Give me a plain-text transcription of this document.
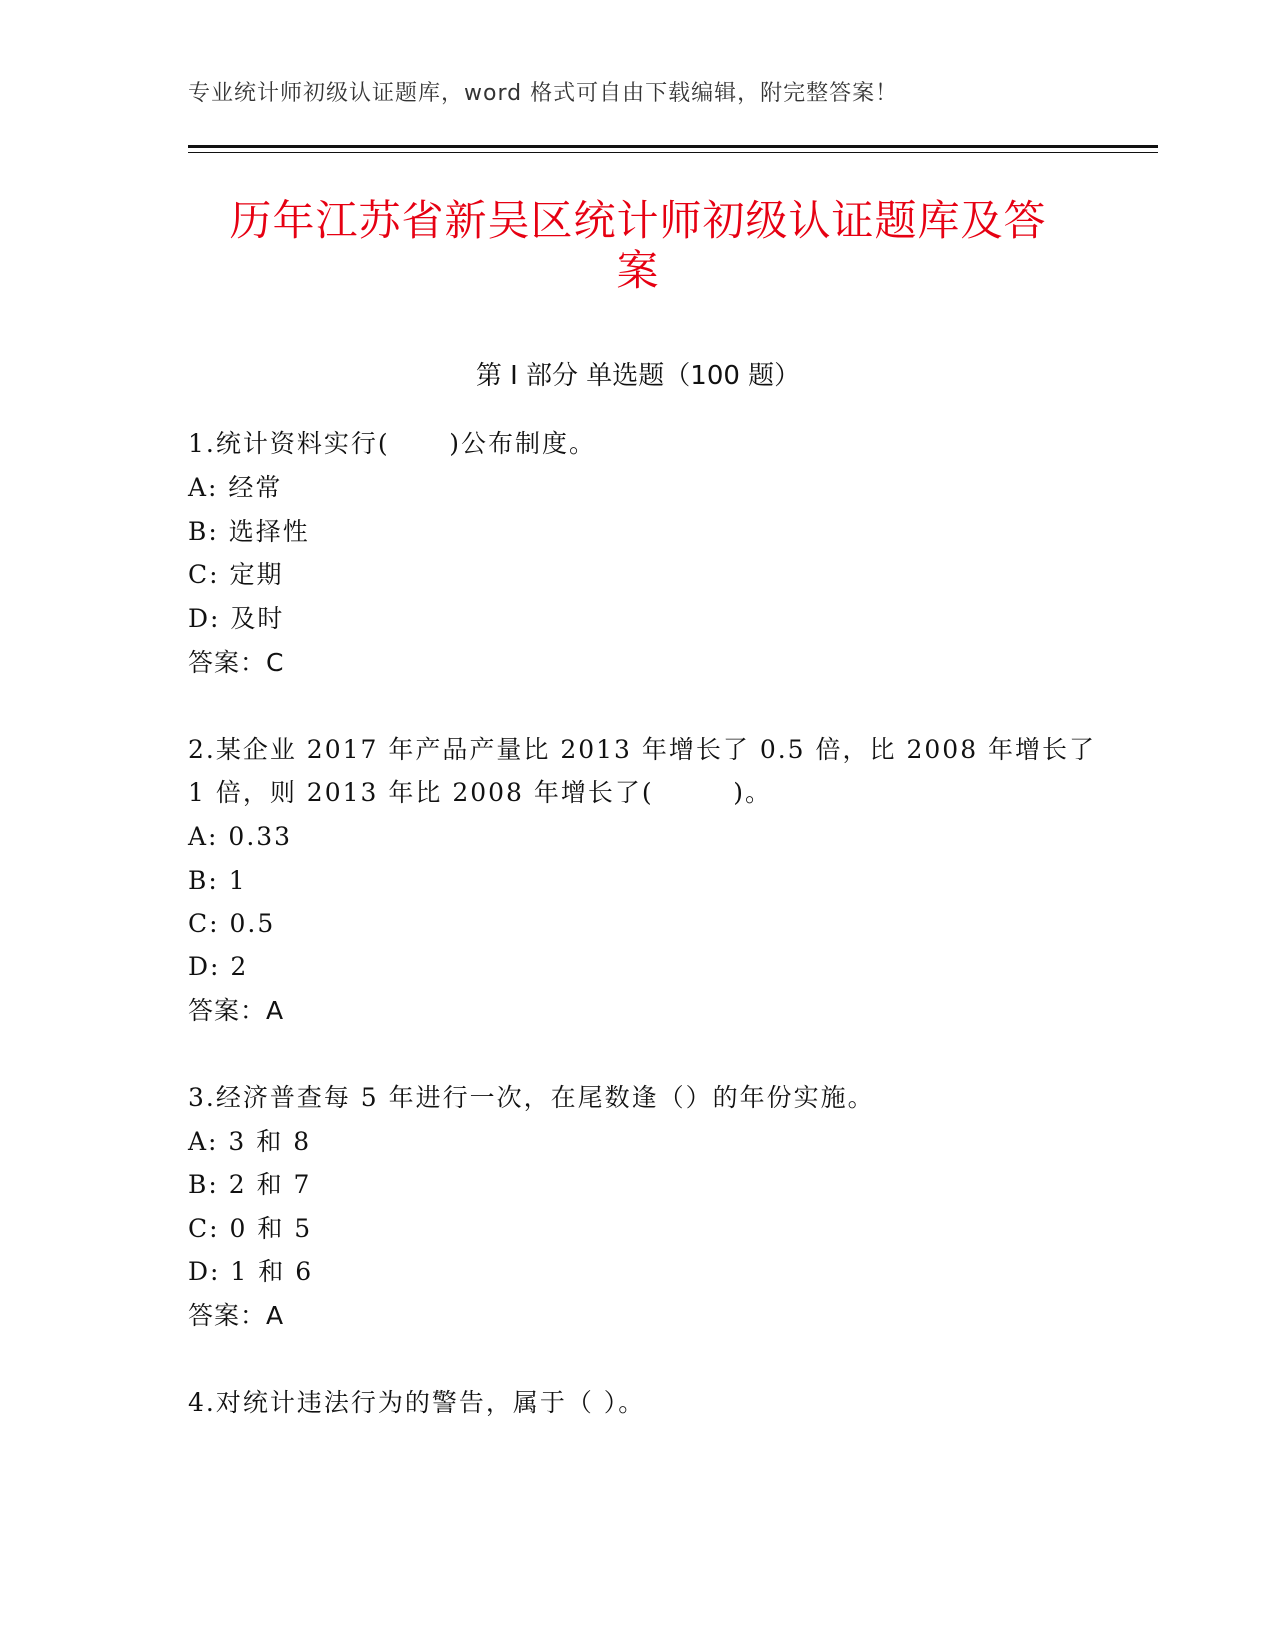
专业统计师初级认证题库，word 格式可自由下载编辑，附完整答案！
历年江苏省新吴区统计师初级认证题库及答
案
第 I 部分 单选题（100 题）
1.统计资料实行(      )公布制度。
A: 经常
B: 选择性
C: 定期
D: 及时
答案：C
2.某企业 2017 年产品产量比 2013 年增长了 0.5 倍，比 2008 年增长了
1 倍，则 2013 年比 2008 年增长了(        )。
A: 0.33
B: 1
C: 0.5
D: 2
答案：A
3.经济普查每 5 年进行一次，在尾数逢（）的年份实施。
A: 3 和 8
B: 2 和 7
C: 0 和 5
D: 1 和 6
答案：A
4.对统计违法行为的警告，属于（ ）。
